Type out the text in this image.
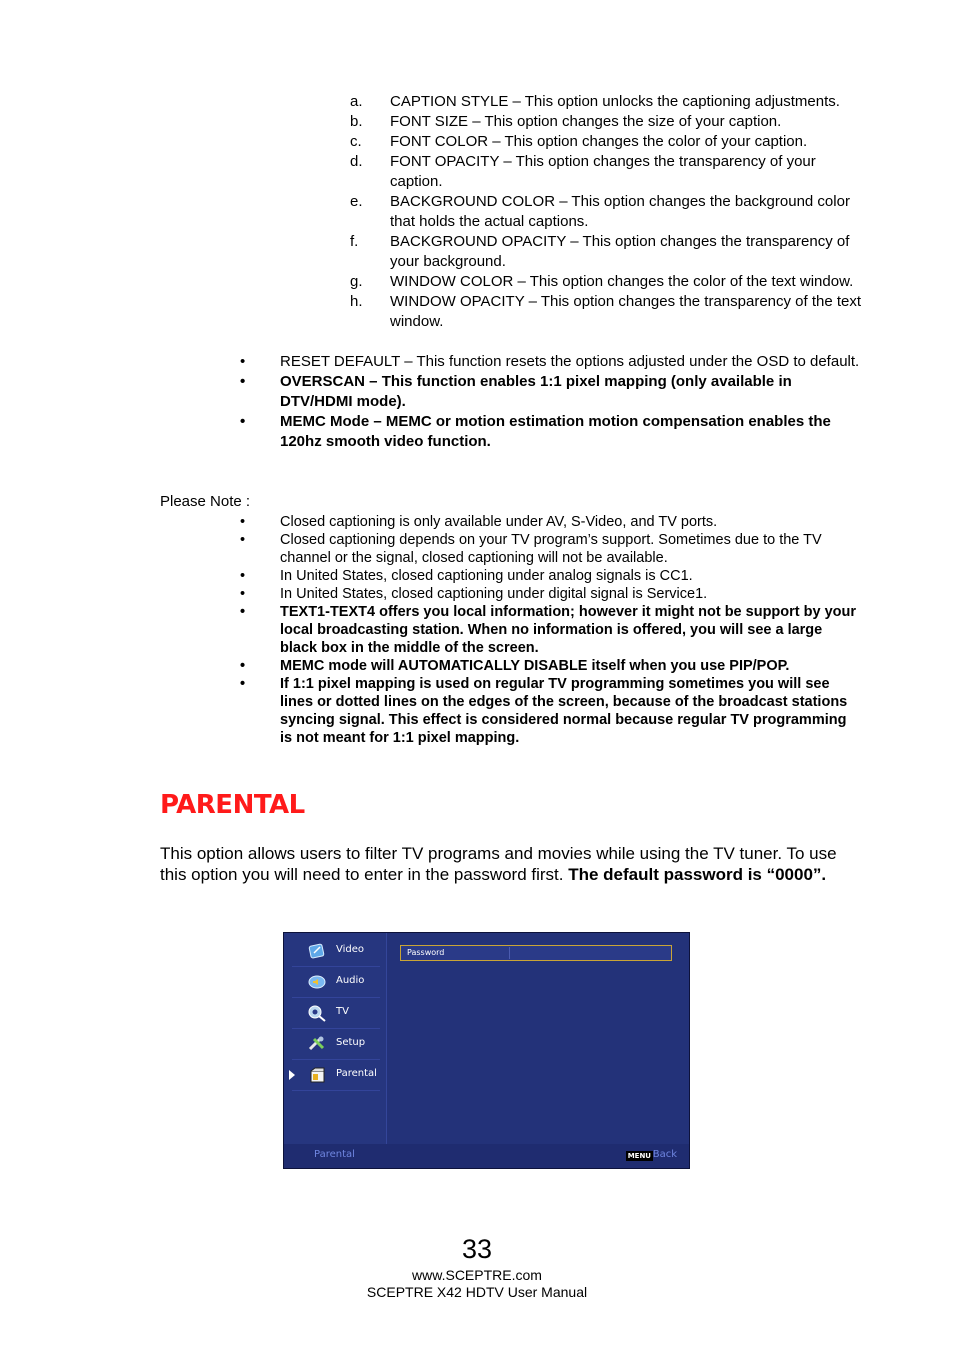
a. CAPTION STYLE – This option unlocks the captioning adjustments.
b. FONT SIZE – This option changes the size of your caption.
c. FONT COLOR – This option changes the color of your caption.
d. FONT OPACITY – This option changes the transparency of your caption.
e. BACKGROUND COLOR – This option changes the background color that holds the actual captions.
f. BACKGROUND OPACITY – This option changes the transparency of your background.
g. WINDOW COLOR – This option changes the color of the text window.
h. WINDOW OPACITY – This option changes the transparency of the text window.
• RESET DEFAULT – This function resets the options adjusted under the OSD to default.
• OVERSCAN – This function enables 1:1 pixel mapping (only available in DTV/HDMI mode).
• MEMC Mode – MEMC or motion estimation motion compensation enables the 120hz smooth video function.
Please Note :
• Closed captioning is only available under AV, S-Video, and TV ports.
• Closed captioning depends on your TV program’s support. Sometimes due to the TV channel or the signal, closed captioning will not be available.
• In United States, closed captioning under analog signals is CC1.
• In United States, closed captioning under digital signal is Service1.
• TEXT1-TEXT4 offers you local information; however it might not be support by your local broadcasting station. When no information is offered, you will see a large black box in the middle of the screen.
• MEMC mode will AUTOMATICALLY DISABLE itself when you use PIP/POP.
• If 1:1 pixel mapping is used on regular TV programming sometimes you will see lines or dotted lines on the edges of the screen, because of the broadcast stations syncing signal. This effect is considered normal because regular TV programming is not meant for 1:1 pixel mapping.
PARENTAL
This option allows users to filter TV programs and movies while using the TV tuner. To use this option you will need to enter in the password first. The default password is “0000”.
Video
Audio
TV
Setup
Parental
Password
Parental	MENU Back
33
www.SCEPTRE.com
SCEPTRE X42 HDTV User Manual
